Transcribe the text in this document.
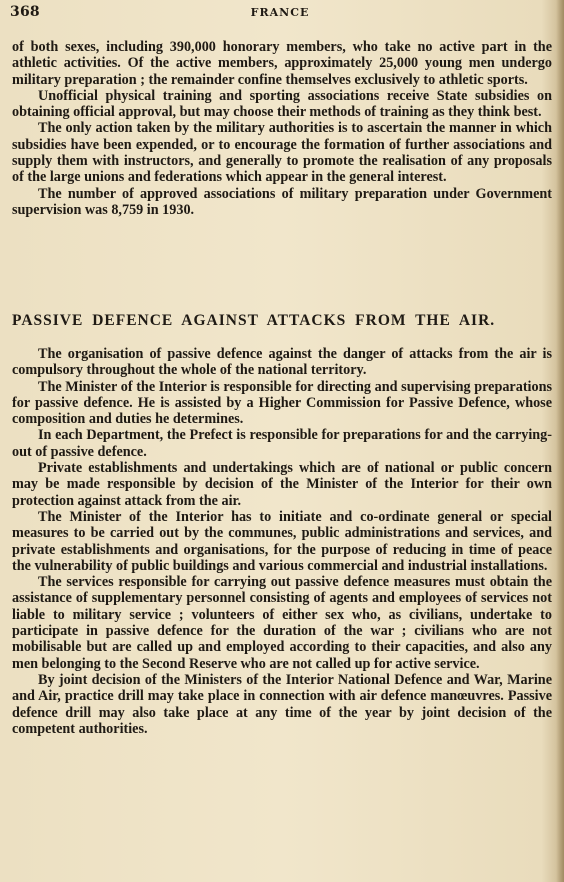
368	FRANCE

of both sexes, including 390,000 honorary members, who take no active part in the athletic activities. Of the active members, approximately 25,000 young men undergo military preparation ; the remainder confine themselves exclusively to athletic sports.

Unofficial physical training and sporting associations receive State subsidies on obtaining official approval, but may choose their methods of training as they think best.

The only action taken by the military authorities is to ascertain the manner in which subsidies have been expended, or to encourage the formation of further associations and supply them with instructors, and generally to promote the realisation of any proposals of the large unions and federations which appear in the general interest.

The number of approved associations of military preparation under Government supervision was 8,759 in 1930.

PASSIVE DEFENCE AGAINST ATTACKS FROM THE AIR.

The organisation of passive defence against the danger of attacks from the air is compulsory throughout the whole of the national territory.

The Minister of the Interior is responsible for directing and supervising preparations for passive defence. He is assisted by a Higher Commission for Passive Defence, whose composition and duties he determines.

In each Department, the Prefect is responsible for preparations for and the carrying-out of passive defence.

Private establishments and undertakings which are of national or public concern may be made responsible by decision of the Minister of the Interior for their own protection against attack from the air.

The Minister of the Interior has to initiate and co-ordinate general or special measures to be carried out by the communes, public administrations and services, and private establishments and organisations, for the purpose of reducing in time of peace the vulnerability of public buildings and various commercial and industrial installations.

The services responsible for carrying out passive defence measures must obtain the assistance of supplementary personnel consisting of agents and employees of services not liable to military service ; volunteers of either sex who, as civilians, undertake to participate in passive defence for the duration of the war ; civilians who are not mobilisable but are called up and employed according to their capacities, and also any men belonging to the Second Reserve who are not called up for active service.

By joint decision of the Ministers of the Interior National Defence and War, Marine and Air, practice drill may take place in connection with air defence manœuvres. Passive defence drill may also take place at any time of the year by joint decision of the competent authorities.
